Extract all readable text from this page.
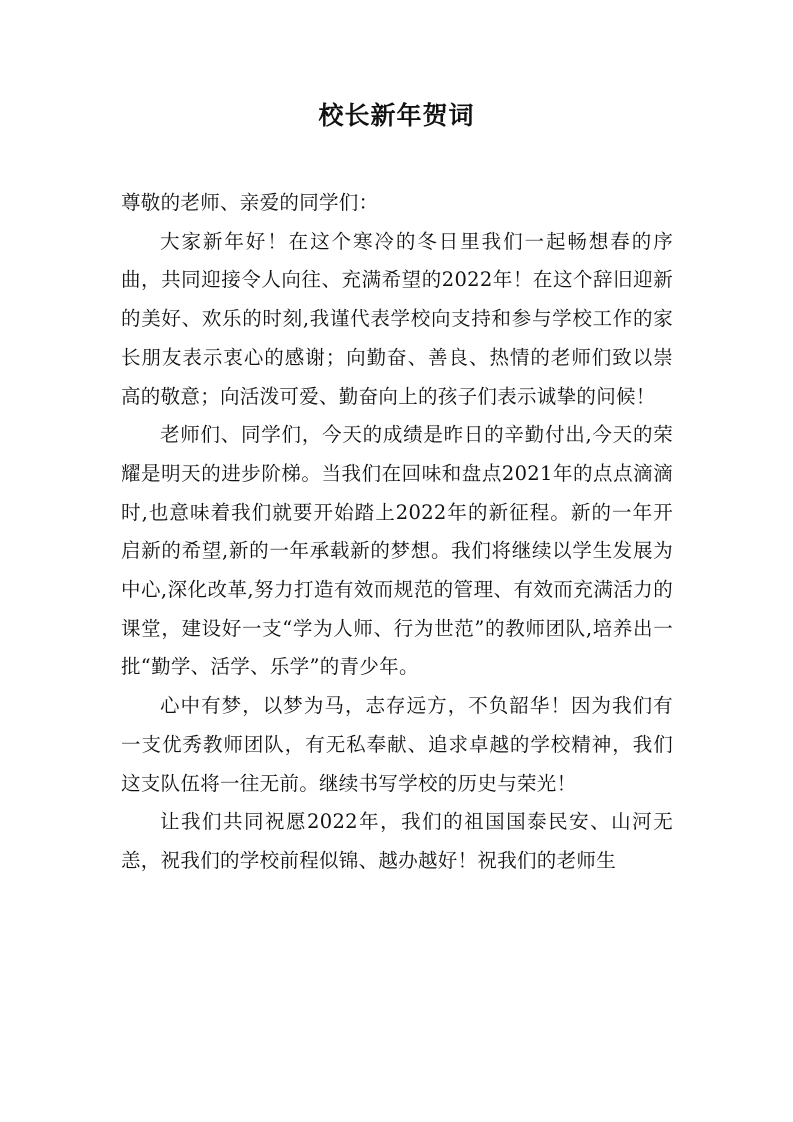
校长新年贺词

尊敬的老师、亲爱的同学们：

大家新年好！在这个寒冷的冬日里我们一起畅想春的序曲，共同迎接令人向往、充满希望的2022年！在这个辞旧迎新的美好、欢乐的时刻,我谨代表学校向支持和参与学校工作的家长朋友表示衷心的感谢；向勤奋、善良、热情的老师们致以崇高的敬意；向活泼可爱、勤奋向上的孩子们表示诚挚的问候！

老师们、同学们，今天的成绩是昨日的辛勤付出,今天的荣耀是明天的进步阶梯。当我们在回味和盘点2021年的点点滴滴时,也意味着我们就要开始踏上2022年的新征程。新的一年开启新的希望,新的一年承载新的梦想。我们将继续以学生发展为中心,深化改革,努力打造有效而规范的管理、有效而充满活力的课堂，建设好一支“学为人师、行为世范”的教师团队,培养出一批“勤学、活学、乐学”的青少年。

心中有梦，以梦为马，志存远方，不负韶华！因为我们有一支优秀教师团队，有无私奉献、追求卓越的学校精神，我们这支队伍将一往无前。继续书写学校的历史与荣光！

让我们共同祝愿2022年，我们的祖国国泰民安、山河无恙，祝我们的学校前程似锦、越办越好！祝我们的老师生
